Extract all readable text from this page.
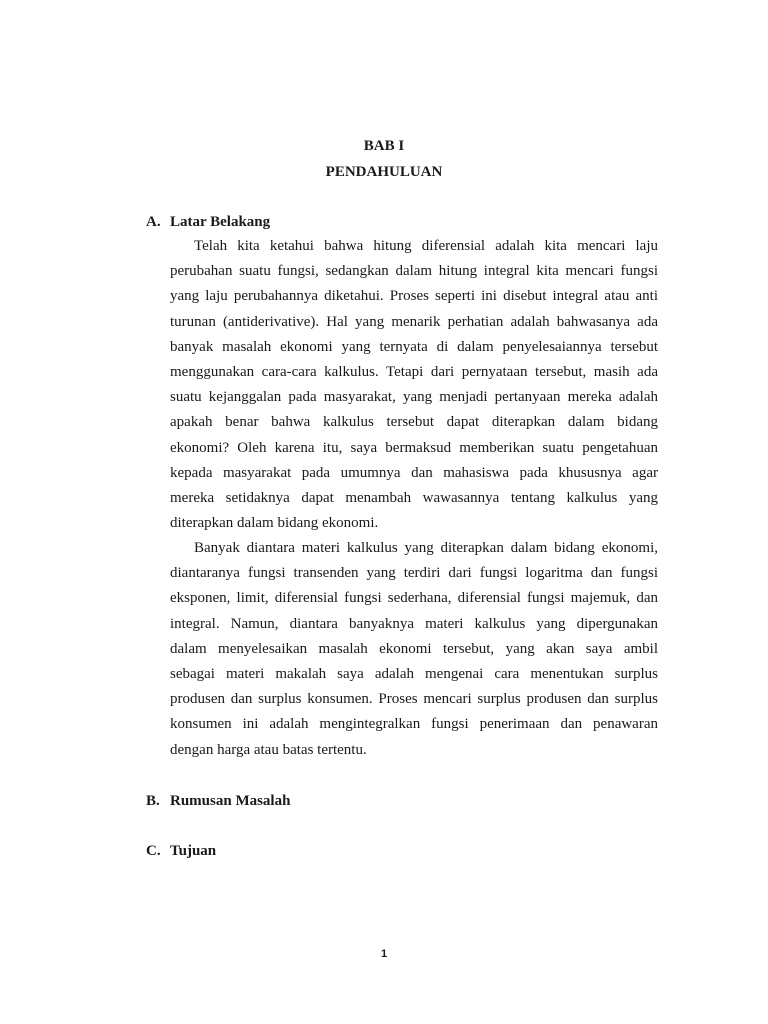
BAB I
PENDAHULUAN
A. Latar Belakang
Telah kita ketahui bahwa hitung diferensial adalah kita mencari laju
perubahan suatu fungsi, sedangkan dalam hitung integral kita mencari fungsi
yang laju perubahannya diketahui. Proses seperti ini disebut integral atau anti
turunan (antiderivative). Hal yang menarik perhatian adalah bahwasanya ada
banyak masalah ekonomi yang ternyata di dalam penyelesaiannya tersebut
menggunakan cara-cara kalkulus. Tetapi dari pernyataan tersebut, masih ada
suatu kejanggalan pada masyarakat, yang menjadi pertanyaan mereka adalah
apakah benar bahwa kalkulus tersebut dapat diterapkan dalam bidang
ekonomi? Oleh karena itu, saya bermaksud memberikan suatu pengetahuan
kepada masyarakat pada umumnya dan mahasiswa pada khususnya agar
mereka setidaknya dapat menambah wawasannya tentang kalkulus yang
diterapkan dalam bidang ekonomi.
Banyak diantara materi kalkulus yang diterapkan dalam bidang ekonomi,
diantaranya fungsi transenden yang terdiri dari fungsi logaritma dan fungsi
eksponen, limit, diferensial fungsi sederhana, diferensial fungsi majemuk, dan
integral. Namun, diantara banyaknya materi kalkulus yang dipergunakan
dalam menyelesaikan masalah ekonomi tersebut, yang akan saya ambil
sebagai materi makalah saya adalah mengenai cara menentukan surplus
produsen dan surplus konsumen. Proses mencari surplus produsen dan surplus
konsumen ini adalah mengintegralkan fungsi penerimaan dan penawaran
dengan harga atau batas tertentu.
B. Rumusan Masalah
C. Tujuan
1
